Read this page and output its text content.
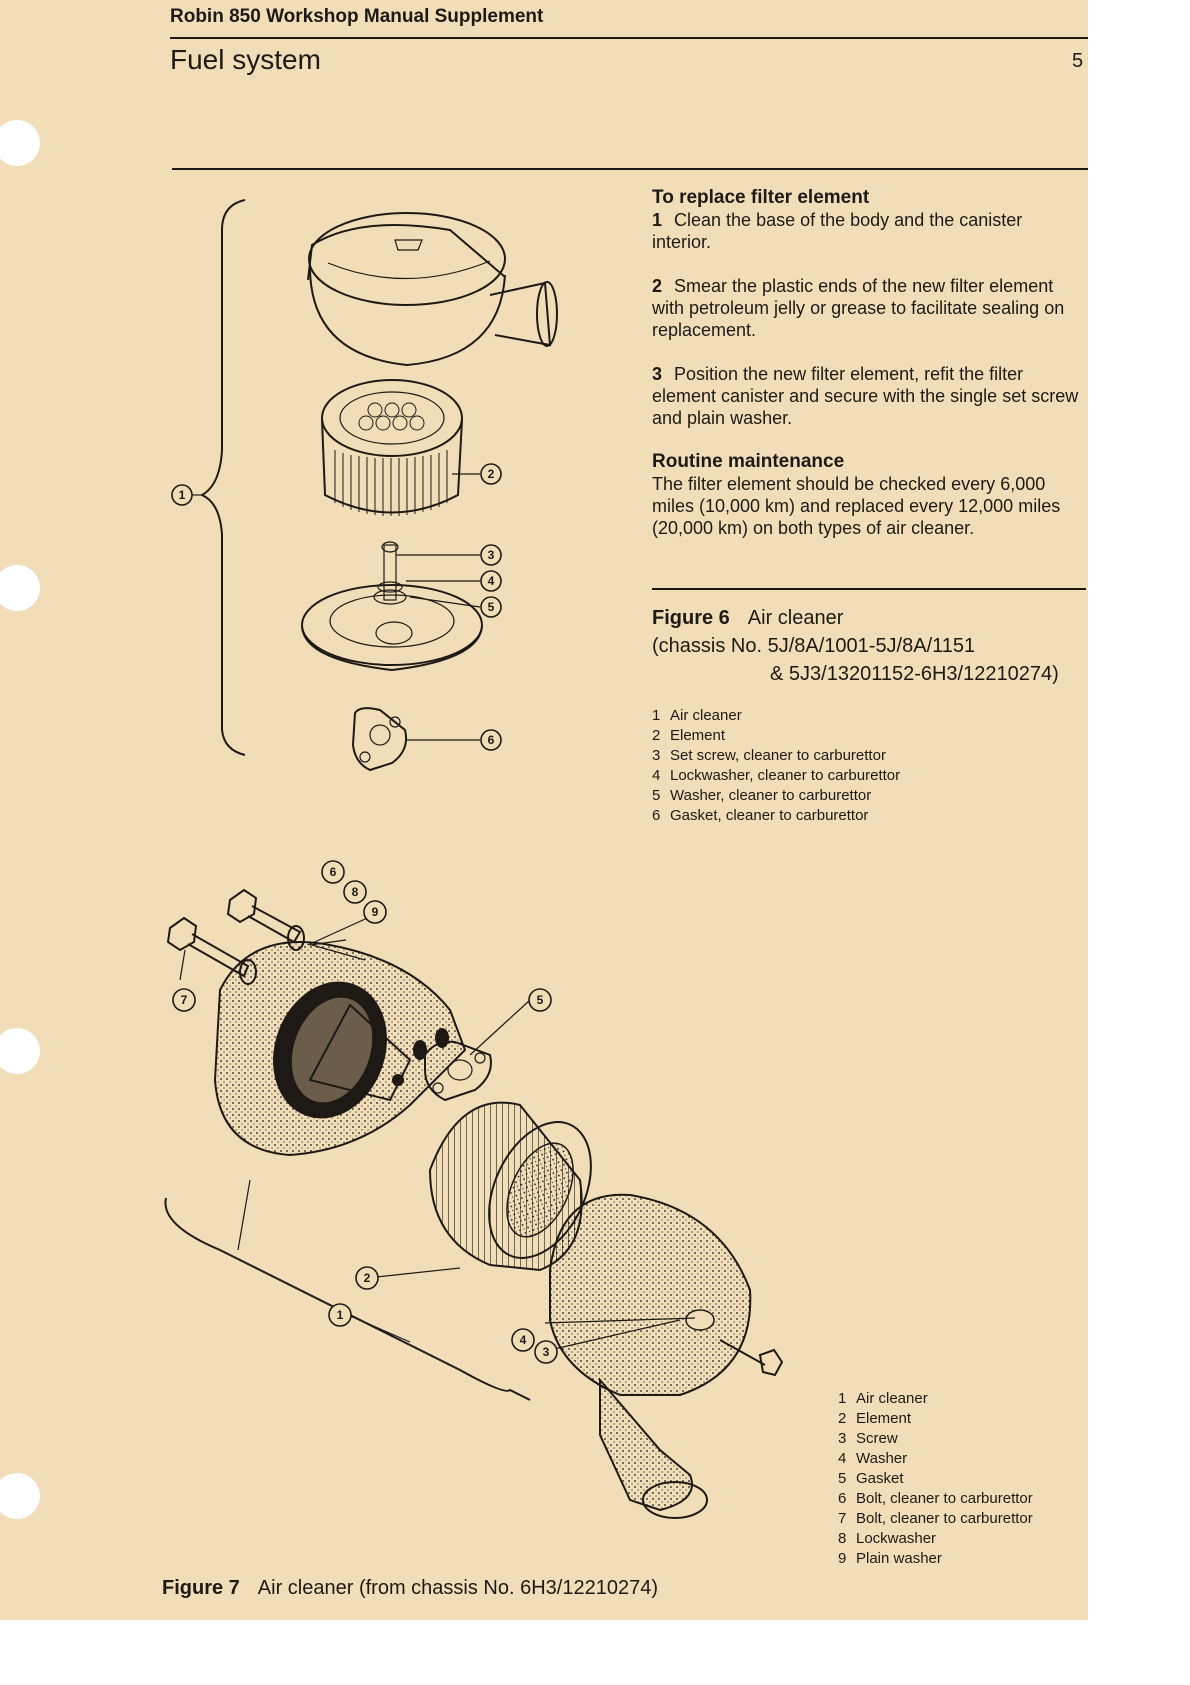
Robin 850 Workshop Manual Supplement
Fuel system	5

To replace filter element

1 Clean the base of the body and the canister interior.

2 Smear the plastic ends of the new filter element with petroleum jelly or grease to facilitate sealing on replacement.

3 Position the new filter element, refit the filter element canister and secure with the single set screw and plain washer.

Routine maintenance

The filter element should be checked every 6,000 miles (10,000 km) and replaced every 12,000 miles (20,000 km) on both types of air cleaner.

Figure 6 Air cleaner
(chassis No. 5J/8A/1001-5J/8A/1151
& 5J3/13201152-6H3/12210274)
1 Air cleaner
2 Element
3 Set screw, cleaner to carburettor
4 Lockwasher, cleaner to carburettor
5 Washer, cleaner to carburettor
6 Gasket, cleaner to carburettor
1
2
3
4
5
6
1
2
3
4
5
6
7
8
9
1 Air cleaner
2 Element
3 Screw
4 Washer
5 Gasket
6 Bolt, cleaner to carburettor
7 Bolt, cleaner to carburettor
8 Lockwasher
9 Plain washer
Figure 7 Air cleaner (from chassis No. 6H3/12210274)
